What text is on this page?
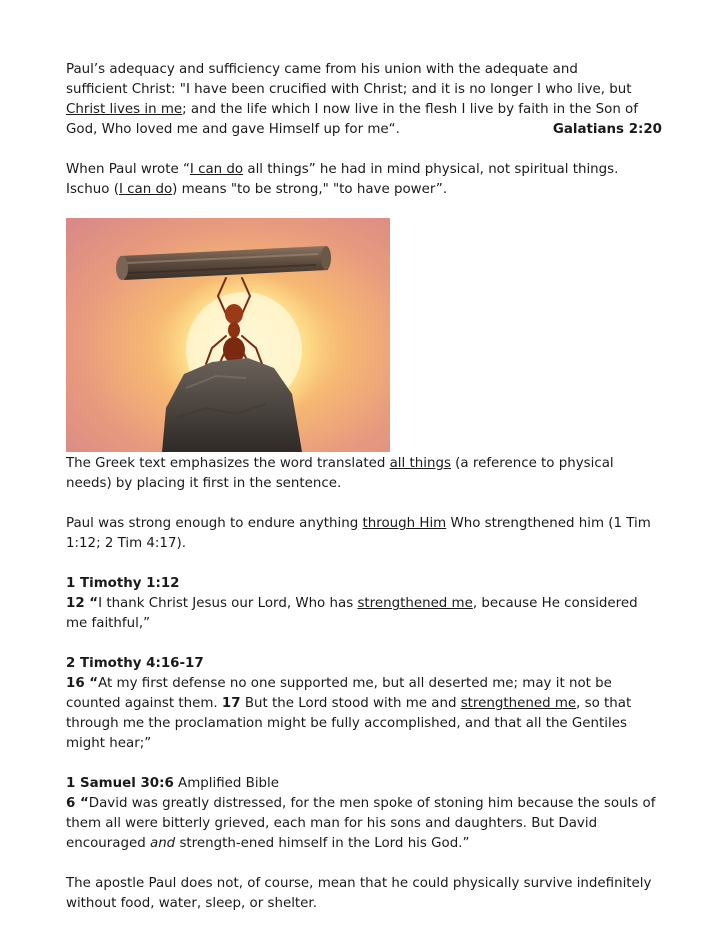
Paul’s adequacy and sufficiency came from his union with the adequate and
sufficient Christ: "I have been crucified with Christ; and it is no longer I who live, but
Christ lives in me; and the life which I now live in the flesh I live by faith in the Son of

God, Who loved me and gave Himself up for me“.	Galatians 2:20

When Paul wrote “I can do all things” he had in mind physical, not spiritual things.
Ischuo (I can do) means "to be strong," "to have power”.

The Greek text emphasizes the word translated all things (a reference to physical needs) by placing it first in the sentence.

Paul was strong enough to endure anything through Him Who strengthened him (1 Tim 1:12; 2 Tim 4:17).

1 Timothy 1:12
12 “I thank Christ Jesus our Lord, Who has strengthened me, because He considered me faithful,”

2 Timothy 4:16-17
16 “At my first defense no one supported me, but all deserted me; may it not be counted against them. 17 But the Lord stood with me and strengthened me, so that through me the proclamation might be fully accomplished, and that all the Gentiles might hear;”

1 Samuel 30:6 Amplified Bible
6 “David was greatly distressed, for the men spoke of stoning him because the souls of them all were bitterly grieved, each man for his sons and daughters. But David encouraged and strength-ened himself in the Lord his God.”

The apostle Paul does not, of course, mean that he could physically survive indefinitely without food, water, sleep, or shelter.
